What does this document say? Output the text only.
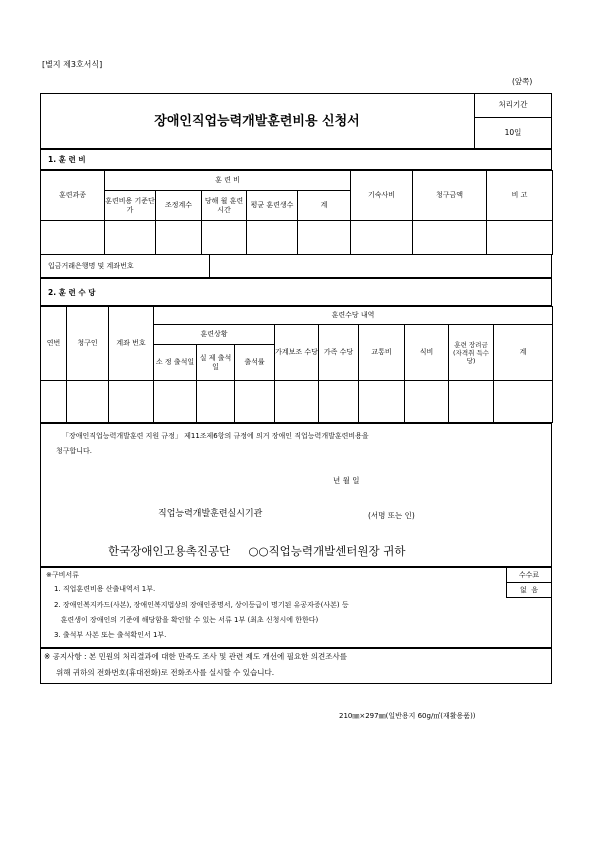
[별지 제3호서식]
(앞쪽)
장애인직업능력개발훈련비용 신청서
처리기간
10일
1. 훈 련 비
훈련과종	훈 련 비					기숙사비	청구금액	비 고
	훈련비용 기준단가	조정계수	당해 월 훈련시간	평균 훈련생수	계			

입금거래은행명 및 계좌번호
2. 훈 련 수 당
연번	청구인	계좌 번호	훈련수당 내역								
			훈련상황			가계보조 수당	가족 수당	교통비	식비	훈련 장려금 (자격취 득수당)	계
			소 정 출석일	실 제 출석일	출석률						

「장애인직업능력개발훈련 지원 규정」 제11조제6항의 규정에 의거 장애인 직업능력개발훈련비용을
청구합니다.
년 월 일
직업능력개발훈련실시기관	(서명 또는 인)
한국장애인고용촉진공단     ○○직업능력개발센터원장 귀하
※구비서류
1. 직업훈련비용 산출내역서 1부.
2. 장애인복지카드(사본), 장애인복지법상의 장애인증명서, 상이등급이 명기된 유공자증(사본) 등
훈련생이 장애인의 기준에 해당함을 확인할 수 있는 서류 1부 (최초 신청시에 한한다)
3. 출석부 사본 또는 출석확인서 1부.
수수료
없  음
※ 공지사항 : 본 민원의 처리결과에 대한 만족도 조사 및 관련 제도 개선에 필요한 의견조사를
위해 귀하의 전화번호(휴대전화)로 전화조사를 실시할 수 있습니다.
210㎜×297㎜(일반용지 60g/㎡(재활용품))
